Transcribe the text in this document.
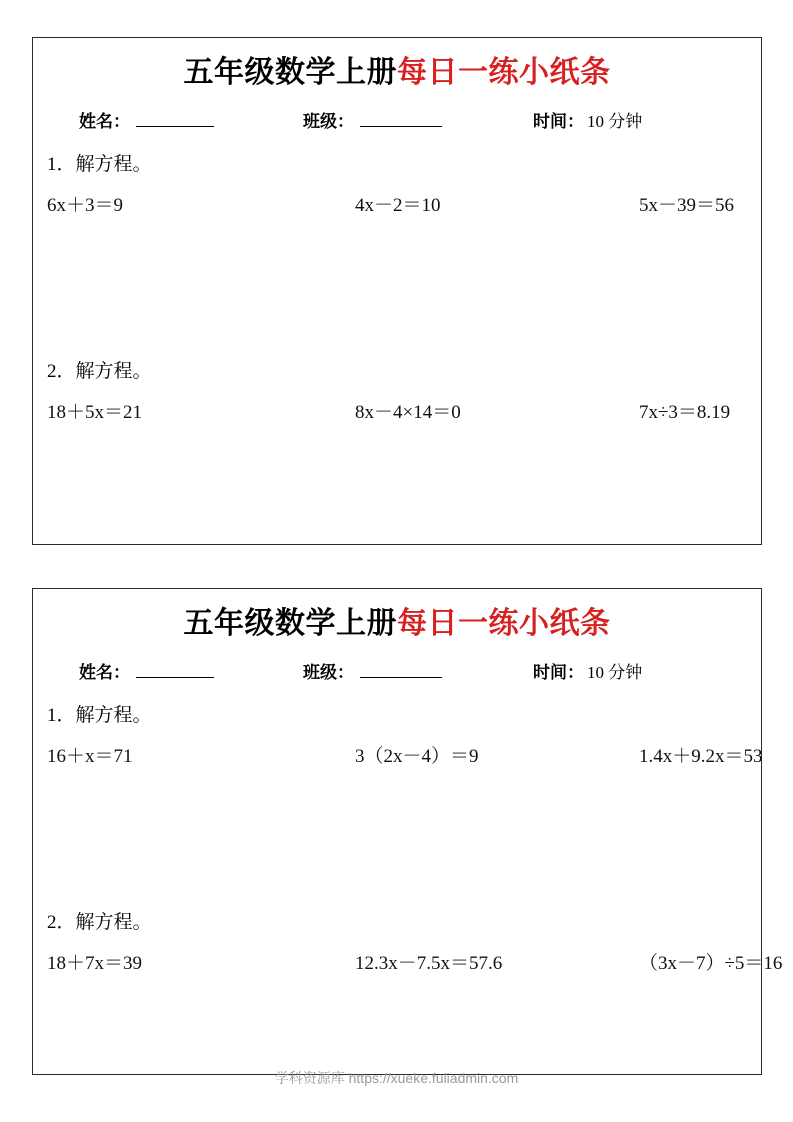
五年级数学上册每日一练小纸条
姓名：	班级：	时间： 10 分钟
1．解方程。
6x＋3＝9	4x－2＝10	5x－39＝56
2．解方程。
18＋5x＝21	8x－4×14＝0	7x÷3＝8.19
五年级数学上册每日一练小纸条
姓名：	班级：	时间： 10 分钟
1．解方程。
16＋x＝71	3（2x－4）＝9	1.4x＋9.2x＝53
2．解方程。
18＋7x＝39	12.3x－7.5x＝57.6	（3x－7）÷5＝16
学科资源库 https://xueke.fuliadmin.com
